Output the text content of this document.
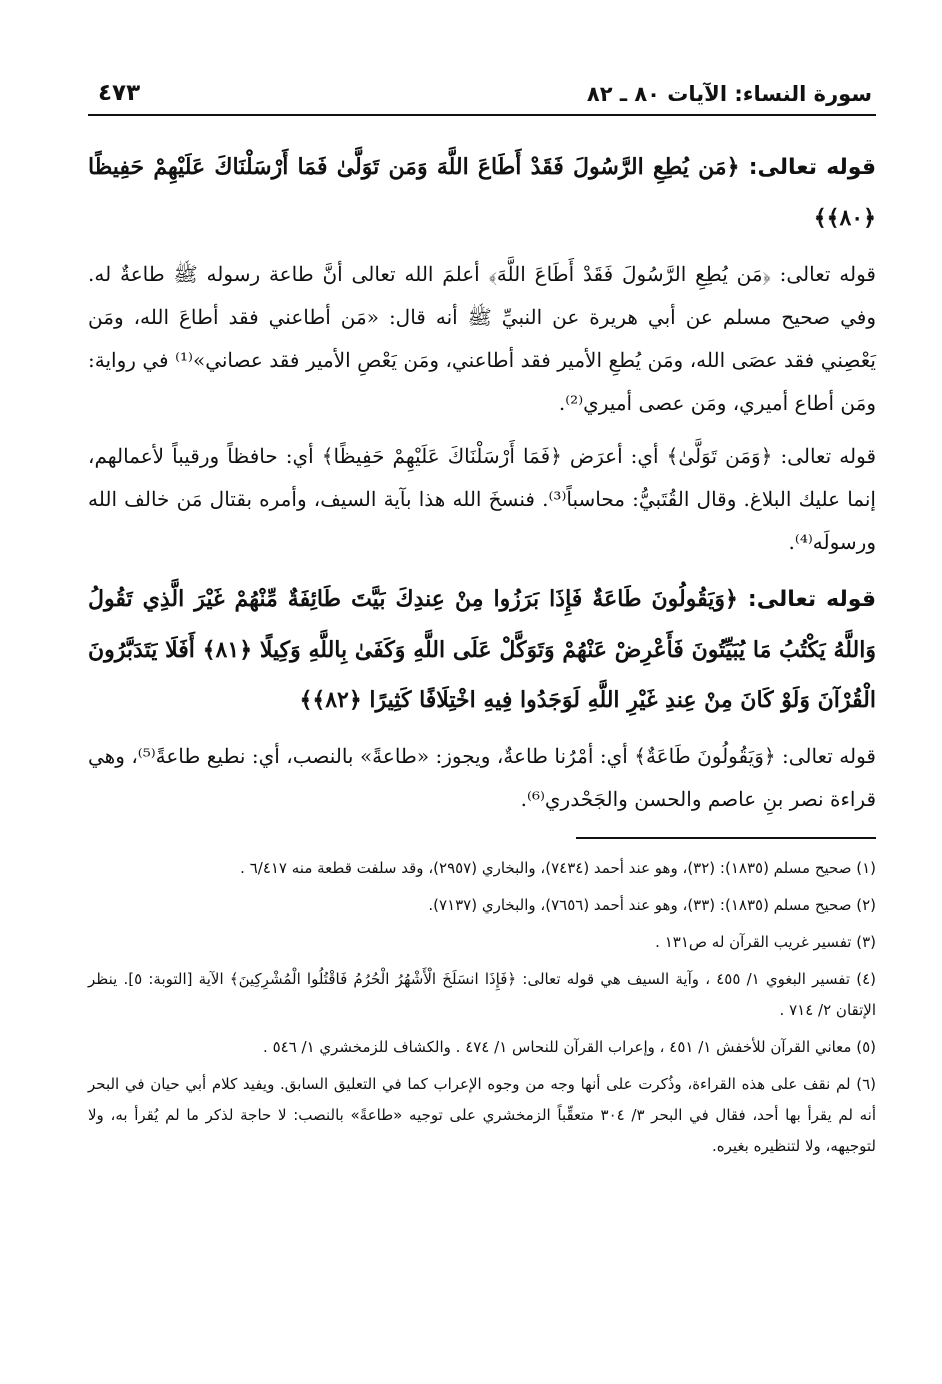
سورة النساء: الآيات ٨٠ ـ ٨٢
٤٧٣

قوله تعالى: ﴿مَن يُطِعِ الرَّسُولَ فَقَدْ أَطَاعَ اللَّهَ وَمَن تَوَلَّىٰ فَمَا أَرْسَلْنَاكَ عَلَيْهِمْ حَفِيظًا ﴿٨٠﴾﴾

قوله تعالى: ﴿مَن يُطِعِ الرَّسُولَ فَقَدْ أَطَاعَ اللَّهَ﴾ أعلمَ الله تعالى أنَّ طاعة رسوله ﷺ طاعةٌ له. وفي صحيح مسلم عن أبي هريرة عن النبيِّ ﷺ أنه قال: «مَن أطاعني فقد أطاعَ الله، ومَن يَعْصِني فقد عصَى الله، ومَن يُطعِ الأمير فقد أطاعني، ومَن يَعْصِ الأمير فقد عصاني»⁽¹⁾ في رواية: ومَن أطاع أميري، ومَن عصى أميري⁽²⁾.

قوله تعالى: ﴿وَمَن تَوَلَّىٰ﴾ أي: أعرَض ﴿فَمَا أَرْسَلْنَاكَ عَلَيْهِمْ حَفِيظًا﴾ أي: حافظاً ورقيباً لأعمالهم، إنما عليك البلاغ. وقال القُتَبيُّ: محاسباً⁽³⁾. فنسخَ الله هذا بآية السيف، وأمره بقتال مَن خالف الله ورسولَه⁽⁴⁾.

قوله تعالى: ﴿وَيَقُولُونَ طَاعَةٌ فَإِذَا بَرَزُوا مِنْ عِندِكَ بَيَّتَ طَائِفَةٌ مِّنْهُمْ غَيْرَ الَّذِي تَقُولُ وَاللَّهُ يَكْتُبُ مَا يُبَيِّتُونَ فَأَعْرِضْ عَنْهُمْ وَتَوَكَّلْ عَلَى اللَّهِ وَكَفَىٰ بِاللَّهِ وَكِيلًا ﴿٨١﴾ أَفَلَا يَتَدَبَّرُونَ الْقُرْآنَ وَلَوْ كَانَ مِنْ عِندِ غَيْرِ اللَّهِ لَوَجَدُوا فِيهِ اخْتِلَافًا كَثِيرًا ﴿٨٢﴾﴾

قوله تعالى: ﴿وَيَقُولُونَ طَاعَةٌ﴾ أي: أمْرُنا طاعةٌ، ويجوز: «طاعةً» بالنصب، أي: نطيع طاعةً⁽⁵⁾، وهي قراءة نصر بنِ عاصم والحسن والجَحْدري⁽⁶⁾.

(١) صحيح مسلم (١٨٣٥): (٣٢)، وهو عند أحمد (٧٤٣٤)، والبخاري (٢٩٥٧)، وقد سلفت قطعة منه ٦/٤١٧ .

(٢) صحيح مسلم (١٨٣٥): (٣٣)، وهو عند أحمد (٧٦٥٦)، والبخاري (٧١٣٧).

(٣) تفسير غريب القرآن له ص١٣١ .

(٤) تفسير البغوي ١/ ٤٥٥ ، وآية السيف هي قوله تعالى: ﴿فَإِذَا انسَلَخَ الْأَشْهُرُ الْحُرُمُ فَاقْتُلُوا الْمُشْرِكِينَ﴾ الآية [التوبة: ٥]. ينظر الإتقان ٢/ ٧١٤ .

(٥) معاني القرآن للأخفش ١/ ٤٥١ ، وإعراب القرآن للنحاس ١/ ٤٧٤ . والكشاف للزمخشري ١/ ٥٤٦ .

(٦) لم نقف على هذه القراءة، وذُكرت على أنها وجه من وجوه الإعراب كما في التعليق السابق. ويفيد كلام أبي حيان في البحر أنه لم يقرأ بها أحد، فقال في البحر ٣/ ٣٠٤ متعقِّباً الزمخشري على توجيه «طاعةً» بالنصب: لا حاجة لذكر ما لم يُقرأ به، ولا لتوجيهه، ولا لتنظيره بغيره.
